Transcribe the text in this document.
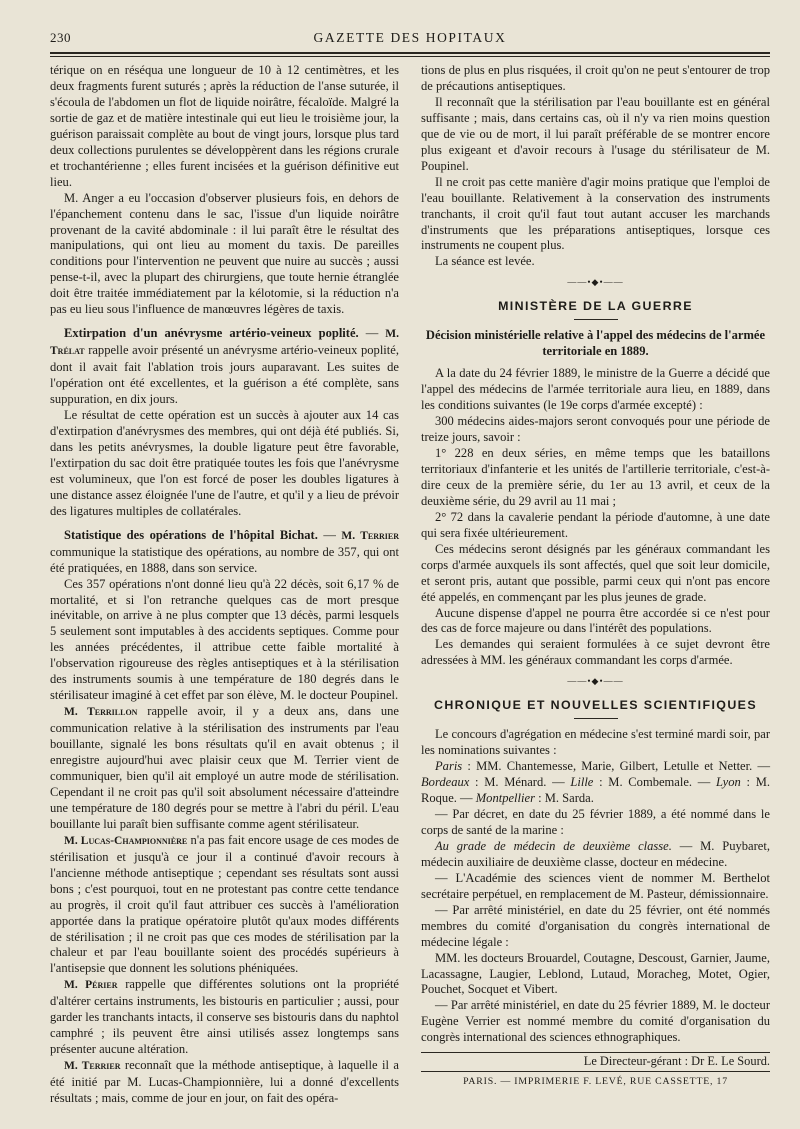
230	GAZETTE DES HOPITAUX

térique on en réséqua une longueur de 10 à 12 centimètres, et les deux fragments furent suturés ; après la réduction de l'anse suturée, il s'écoula de l'abdomen un flot de liquide noirâtre, fécaloïde. Malgré la sortie de gaz et de matière intestinale qui eut lieu le troisième jour, la guérison paraissait complète au bout de vingt jours, lorsque plus tard deux collections purulentes se développèrent dans les régions crurale et trochantérienne ; elles furent incisées et la guérison définitive eut lieu.

M. Anger a eu l'occasion d'observer plusieurs fois, en dehors de l'épanchement contenu dans le sac, l'issue d'un liquide noirâtre provenant de la cavité abdominale : il lui paraît être le résultat des manipulations, qui ont lieu au moment du taxis. De pareilles conditions pour l'intervention ne peuvent que nuire au succès ; aussi pense-t-il, avec la plupart des chirurgiens, que toute hernie étranglée doit être traitée immédiatement par la kélotomie, si la réduction n'a pas eu lieu sous l'influence de manœuvres légères de taxis.

Extirpation d'un anévrysme artério-veineux poplité. — M. Trélat rappelle avoir présenté un anévrysme artério-veineux poplité, dont il avait fait l'ablation trois jours auparavant. Les suites de l'opération ont été excellentes, et la guérison a été complète, sans suppuration, en dix jours.

Le résultat de cette opération est un succès à ajouter aux 14 cas d'extirpation d'anévrysmes des membres, qui ont déjà été publiés. Si, dans les petits anévrysmes, la double ligature peut être favorable, l'extirpation du sac doit être pratiquée toutes les fois que l'anévrysme est volumineux, que l'on est forcé de poser les doubles ligatures à une distance assez éloignée l'une de l'autre, et qu'il y a lieu de prévoir des ligatures multiples de collatérales.

Statistique des opérations de l'hôpital Bichat. — M. Terrier communique la statistique des opérations, au nombre de 357, qui ont été pratiquées, en 1888, dans son service.

Ces 357 opérations n'ont donné lieu qu'à 22 décès, soit 6,17 % de mortalité, et si l'on retranche quelques cas de mort presque inévitable, on arrive à ne plus compter que 13 décès, parmi lesquels 5 seulement sont imputables à des accidents septiques. Comme pour les années précédentes, il attribue cette faible mortalité à l'observation rigoureuse des règles antiseptiques et à la stérilisation des instruments soumis à une température de 180 degrés dans le stérilisateur imaginé à cet effet par son élève, M. le docteur Poupinel.

M. Terrillon rappelle avoir, il y a deux ans, dans une communication relative à la stérilisation des instruments par l'eau bouillante, signalé les bons résultats qu'il en avait obtenus ; il enregistre aujourd'hui avec plaisir ceux que M. Terrier vient de communiquer, bien qu'il ait employé un autre mode de stérilisation. Cependant il ne croit pas qu'il soit absolument nécessaire d'atteindre une température de 180 degrés pour se mettre à l'abri du péril. L'eau bouillante lui paraît bien suffisante comme agent stérilisateur.

M. Lucas-Championnière n'a pas fait encore usage de ces modes de stérilisation et jusqu'à ce jour il a continué d'avoir recours à l'ancienne méthode antiseptique ; cependant ses résultats sont aussi bons ; c'est pourquoi, tout en ne protestant pas contre cette tendance au progrès, il croit qu'il faut attribuer ces succès à l'amélioration apportée dans la pratique opératoire plutôt qu'aux modes différents de stérilisation ; il ne croit pas que ces modes de stérilisation par la chaleur et par l'eau bouillante soient des procédés supérieurs à l'antisepsie que donnent les solutions phéniquées.

M. Périer rappelle que différentes solutions ont la propriété d'altérer certains instruments, les bistouris en particulier ; aussi, pour garder les tranchants intacts, il conserve ses bistouris dans du naphtol camphré ; ils peuvent être ainsi utilisés assez longtemps sans présenter aucune altération.

M. Terrier reconnaît que la méthode antiseptique, à laquelle il a été initié par M. Lucas-Championnière, lui a donné d'excellents résultats ; mais, comme de jour en jour, on fait des opéra-

tions de plus en plus risquées, il croit qu'on ne peut s'entourer de trop de précautions antiseptiques.

Il reconnaît que la stérilisation par l'eau bouillante est en général suffisante ; mais, dans certains cas, où il n'y va rien moins question que de vie ou de mort, il lui paraît préférable de se montrer encore plus exigeant et d'avoir recours à l'usage du stérilisateur de M. Poupinel.

Il ne croit pas cette manière d'agir moins pratique que l'emploi de l'eau bouillante. Relativement à la conservation des instruments tranchants, il croit qu'il faut tout autant accuser les marchands d'instruments que les préparations antiseptiques, lorsque ces instruments ne coupent plus.

La séance est levée.

——•◆•——
MINISTÈRE DE LA GUERRE
Décision ministérielle relative à l'appel des médecins de l'armée territoriale en 1889.

A la date du 24 février 1889, le ministre de la Guerre a décidé que l'appel des médecins de l'armée territoriale aura lieu, en 1889, dans les conditions suivantes (le 19e corps d'armée excepté) :

300 médecins aides-majors seront convoqués pour une période de treize jours, savoir :

1° 228 en deux séries, en même temps que les bataillons territoriaux d'infanterie et les unités de l'artillerie territoriale, c'est-à-dire ceux de la première série, du 1er au 13 avril, et ceux de la deuxième série, du 29 avril au 11 mai ;

2° 72 dans la cavalerie pendant la période d'automne, à une date qui sera fixée ultérieurement.

Ces médecins seront désignés par les généraux commandant les corps d'armée auxquels ils sont affectés, quel que soit leur domicile, et seront pris, autant que possible, parmi ceux qui n'ont pas encore été appelés, en commençant par les plus jeunes de grade.

Aucune dispense d'appel ne pourra être accordée si ce n'est pour des cas de force majeure ou dans l'intérêt des populations.

Les demandes qui seraient formulées à ce sujet devront être adressées à MM. les généraux commandant les corps d'armée.

——•◆•——
CHRONIQUE ET NOUVELLES SCIENTIFIQUES

Le concours d'agrégation en médecine s'est terminé mardi soir, par les nominations suivantes :

Paris : MM. Chantemesse, Marie, Gilbert, Letulle et Netter. — Bordeaux : M. Ménard. — Lille : M. Combemale. — Lyon : M. Roque. — Montpellier : M. Sarda.

— Par décret, en date du 25 février 1889, a été nommé dans le corps de santé de la marine :

Au grade de médecin de deuxième classe. — M. Puybaret, médecin auxiliaire de deuxième classe, docteur en médecine.

— L'Académie des sciences vient de nommer M. Berthelot secrétaire perpétuel, en remplacement de M. Pasteur, démissionnaire.

— Par arrêté ministériel, en date du 25 février, ont été nommés membres du comité d'organisation du congrès international de médecine légale :

MM. les docteurs Brouardel, Coutagne, Descoust, Garnier, Jaume, Lacassagne, Laugier, Leblond, Lutaud, Moracheg, Motet, Ogier, Pouchet, Socquet et Vibert.

— Par arrêté ministériel, en date du 25 février 1889, M. le docteur Eugène Verrier est nommé membre du comité d'organisation du congrès international des sciences ethnographiques.

Le Directeur-gérant : Dr E. Le Sourd.
PARIS. — IMPRIMERIE F. LEVÉ, RUE CASSETTE, 17
